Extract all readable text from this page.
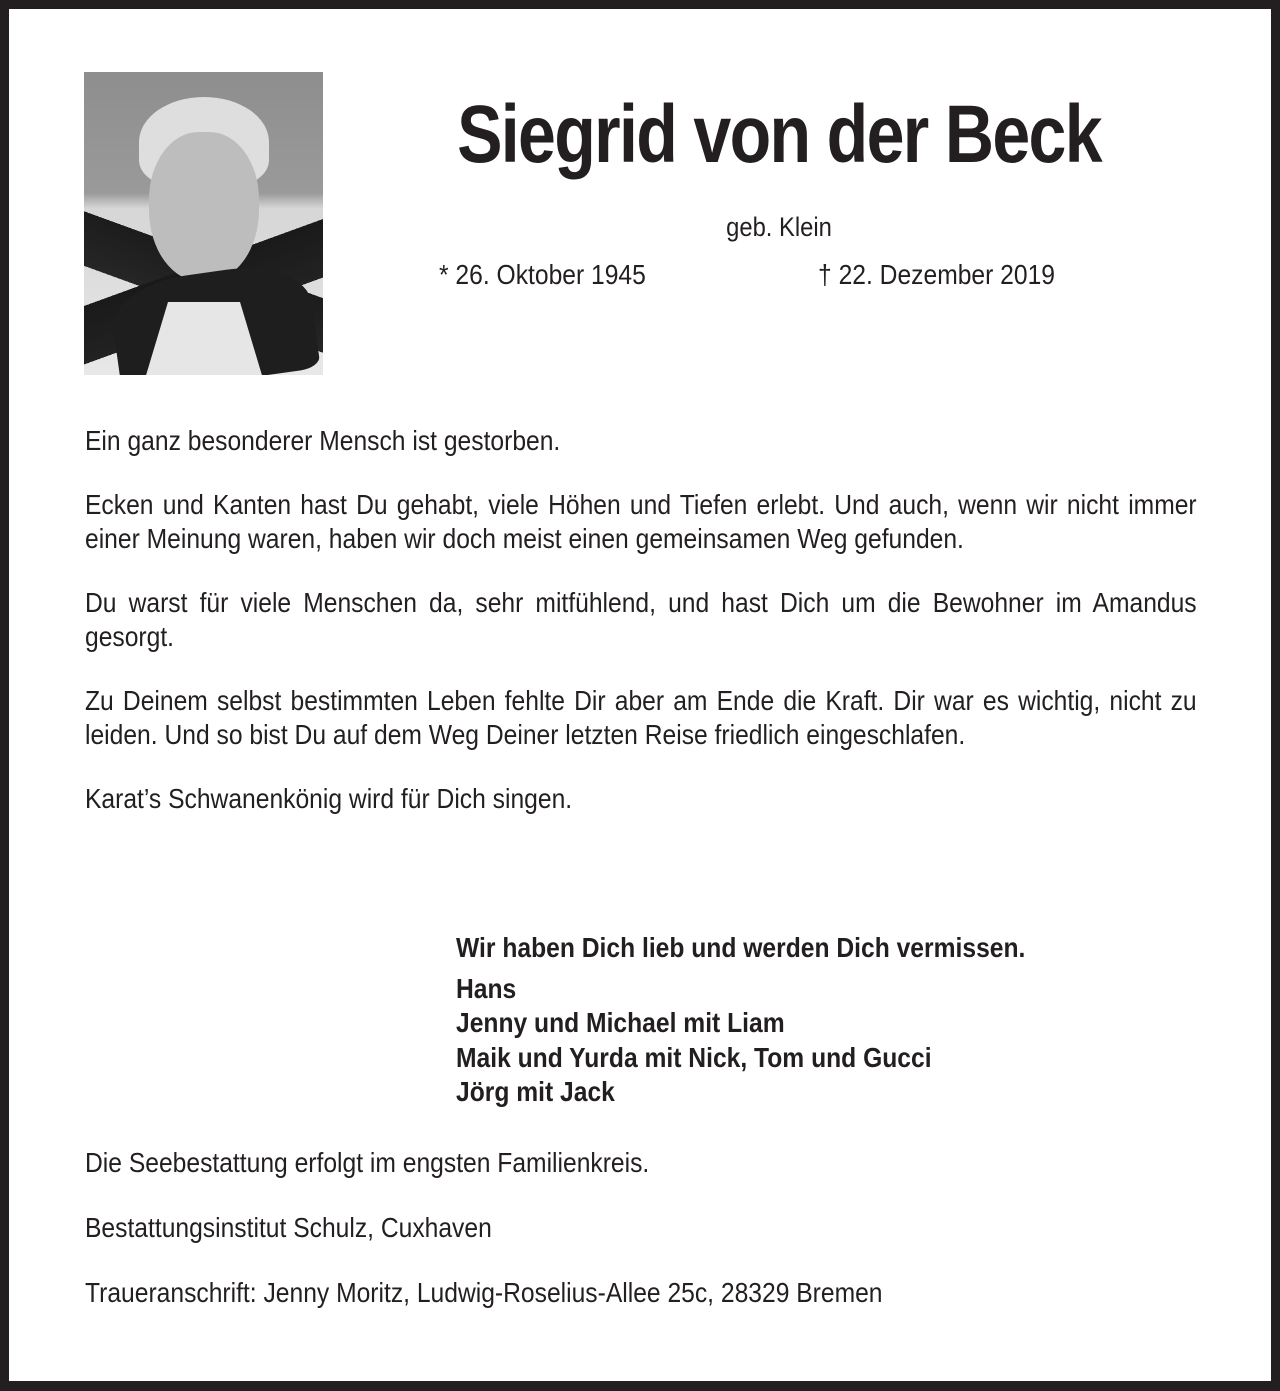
Siegrid von der Beck
geb. Klein
* 26. Oktober 1945	† 22. Dezember 2019

Ein ganz besonderer Mensch ist gestorben.

Ecken und Kanten hast Du gehabt, viele Höhen und Tiefen erlebt. Und auch, wenn wir nicht immer einer Meinung waren, haben wir doch meist einen gemeinsamen Weg gefunden.

Du warst für viele Menschen da, sehr mitfühlend, und hast Dich um die Bewohner im Amandus gesorgt.

Zu Deinem selbst bestimmten Leben fehlte Dir aber am Ende die Kraft. Dir war es wichtig, nicht zu leiden. Und so bist Du auf dem Weg Deiner letzten Reise friedlich eingeschlafen.

Karat’s Schwanenkönig wird für Dich singen.

Wir haben Dich lieb und werden Dich vermissen.
Hans
Jenny und Michael mit Liam
Maik und Yurda mit Nick, Tom und Gucci
Jörg mit Jack

Die Seebestattung erfolgt im engsten Familienkreis.

Bestattungsinstitut Schulz, Cuxhaven

Traueranschrift: Jenny Moritz, Ludwig-Roselius-Allee 25c, 28329 Bremen
